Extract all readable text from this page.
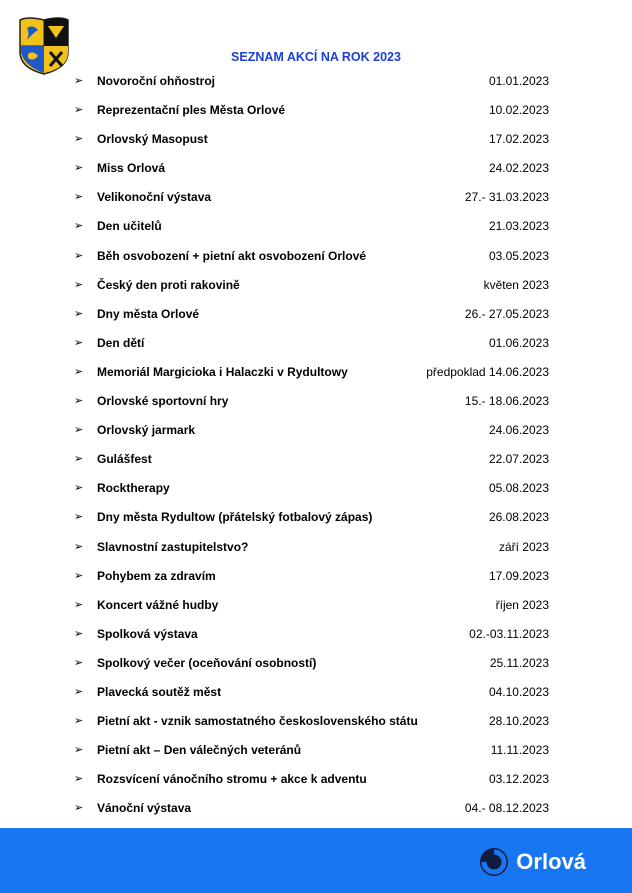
SEZNAM AKCÍ NA ROK 2023
➢ Novoroční ohňostroj	01.01.2023
➢ Reprezentační ples Města Orlové	10.02.2023
➢ Orlovský Masopust	17.02.2023
➢ Miss Orlová	24.02.2023
➢ Velikonoční výstava	27.- 31.03.2023
➢ Den učitelů	21.03.2023
➢ Běh osvobození + pietní akt osvobození Orlové	03.05.2023
➢ Český den proti rakovině	květen 2023
➢ Dny města Orlové	26.- 27.05.2023
➢ Den dětí	01.06.2023
➢ Memoriál Margicioka i Halaczki v Rydultowy	předpoklad 14.06.2023
➢ Orlovské sportovní hry	15.- 18.06.2023
➢ Orlovský jarmark	24.06.2023
➢ Gulášfest	22.07.2023
➢ Rocktherapy	05.08.2023
➢ Dny města Rydultow (přátelský fotbalový zápas)	26.08.2023
➢ Slavnostní zastupitelstvo?	září 2023
➢ Pohybem za zdravím	17.09.2023
➢ Koncert vážné hudby	říjen 2023
➢ Spolková výstava	02.-03.11.2023
➢ Spolkový večer (oceňování osobností)	25.11.2023
➢ Plavecká soutěž měst	04.10.2023
➢ Pietní akt - vznik samostatného československého státu	28.10.2023
➢ Pietní akt – Den válečných veteránů	11.11.2023
➢ Rozsvícení vánočního stromu + akce k adventu	03.12.2023
➢ Vánoční výstava	04.- 08.12.2023
Orlová
